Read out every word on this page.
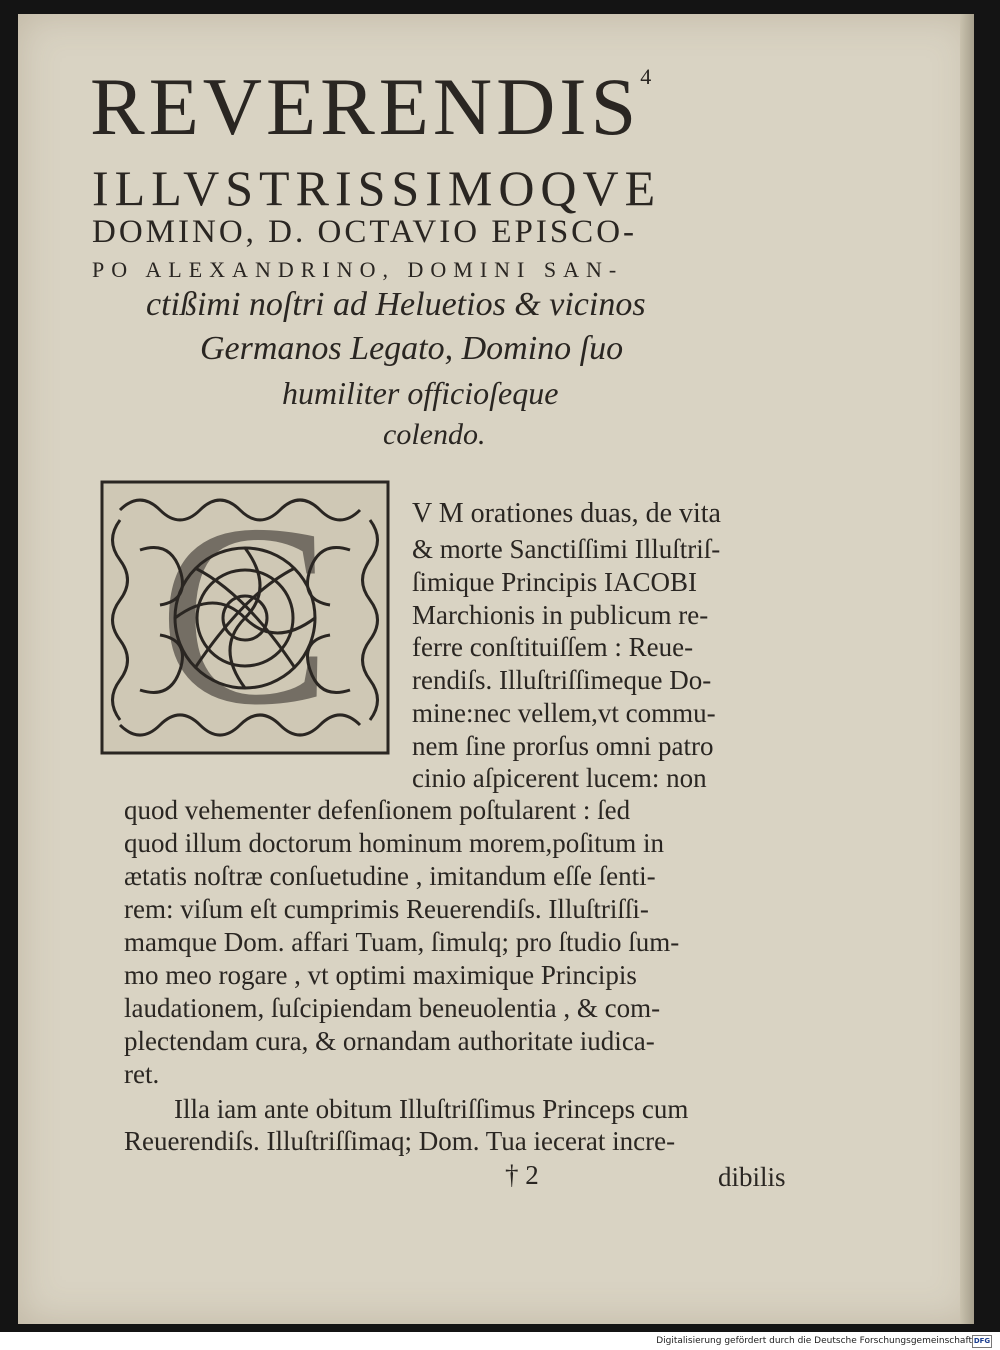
REVERENDIS$^4$
ILLVSTRISSIMOQVE
DOMINO, D. OCTAVIO EPISCO-
PO ALEXANDRINO, DOMINI SAN-
ctißimi noſtri ad Heluetios & vicinos
Germanos Legato, Domino ſuo
humiliter officioſeque
colendo.
C	V M orationes duas, de vita
& morte Sanctiſſimi Illuſtriſ-
ſimique Principis IACOBI
Marchionis in publicum re-
ferre conſtituiſſem : Reue-
rendiſs. Illuſtriſſimeque Do-
mine:nec vellem,vt commu-
nem ſine prorſus omni patro
cinio aſpicerent lucem: non
quod vehementer defenſionem poſtularent : ſed
quod illum doctorum hominum morem,poſitum in
ætatis noſtræ conſuetudine , imitandum eſſe ſenti-
rem: viſum eſt cumprimis Reuerendiſs. Illuſtriſſi-
mamque Dom. affari Tuam, ſimulq; pro ſtudio ſum-
mo meo rogare , vt optimi maximique Principis
laudationem, ſuſcipiendam beneuolentia , & com-
plectendam cura, & ornandam authoritate iudica-
ret.
Illa iam ante obitum Illuſtriſſimus Princeps cum
Reuerendiſs. Illuſtriſſimaq; Dom. Tua iecerat incre-
† 2	dibilis
Digitalisierung gefördert durch die Deutsche Forschungsgemeinschaft DFG
